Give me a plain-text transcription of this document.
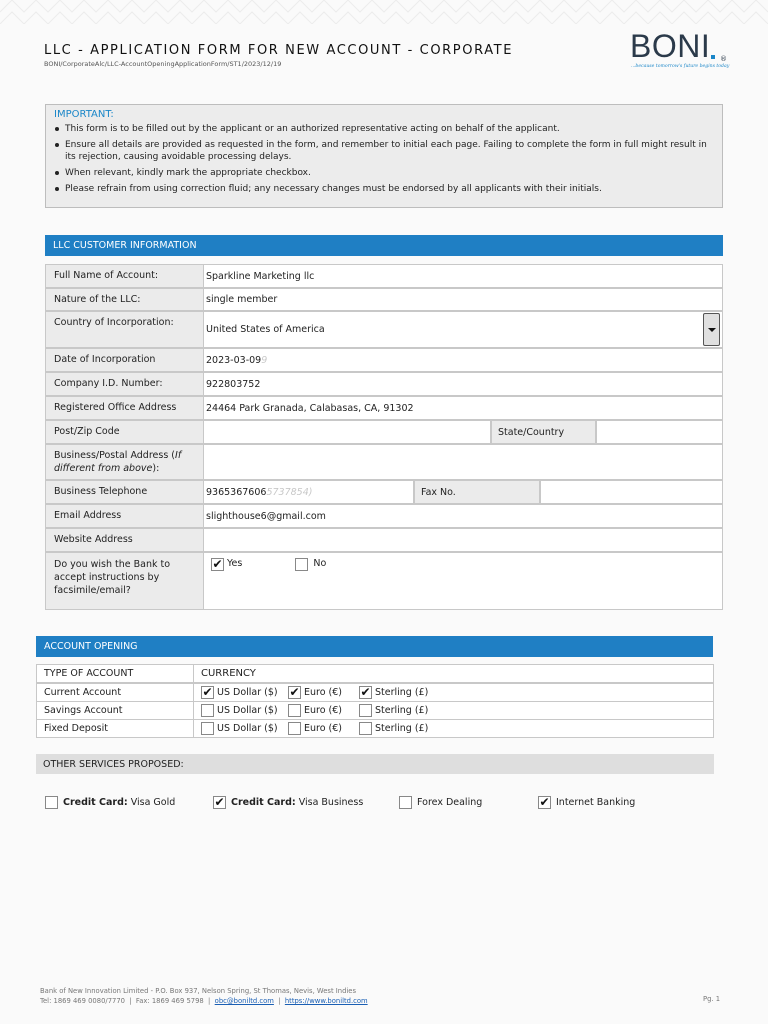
LLC - APPLICATION FORM FOR NEW ACCOUNT - CORPORATE
BONI/CorporateAlc/LLC-AccountOpeningApplicationForm/ST1/2023/12/19	BONI ®
...because tomorrow's future begins today
IMPORTANT:
This form is to be filled out by the applicant or an authorized representative acting on behalf of the applicant.
Ensure all details are provided as requested in the form, and remember to initial each page. Failing to complete the form in full might result in its rejection, causing avoidable processing delays.
When relevant, kindly mark the appropriate checkbox.
Please refrain from using correction fluid; any necessary changes must be endorsed by all applicants with their initials.
LLC CUSTOMER INFORMATION
Full Name of Account:	Sparkline Marketing llc
Nature of the LLC:	single member
Country of Incorporation:
United States of America
Date of Incorporation	2023-03-09 9
Company I.D. Number:	922803752
Registered Office Address	24464 Park Granada, Calabasas, CA, 91302
Post/Zip Code	State/Country
Business/Postal Address (If different from above):
Business Telephone	9365367606 5737854)	Fax No.
Email Address	slighthouse6@gmail.com
Website Address
Do you wish the Bank to accept instructions by facsimile/email?
✔ Yes	No
ACCOUNT OPENING
TYPE OF ACCOUNT	CURRENCY
Current Account	✔ US Dollar ($) ✔ Euro (€) ✔ Sterling (£)
Savings Account	US Dollar ($)	Euro (€)	Sterling (£)
Fixed Deposit	US Dollar ($)	Euro (€)	Sterling (£)
OTHER SERVICES PROPOSED:
Credit Card: Visa Gold	✔ Credit Card: Visa Business	Forex Dealing	✔ Internet Banking
Bank of New Innovation Limited - P.O. Box 937, Nelson Spring, St Thomas, Nevis, West Indies
Tel: 1869 469 0080/7770  |  Fax: 1869 469 5798  |  obc@boniltd.com  |  https://www.boniltd.com	Pg. 1
